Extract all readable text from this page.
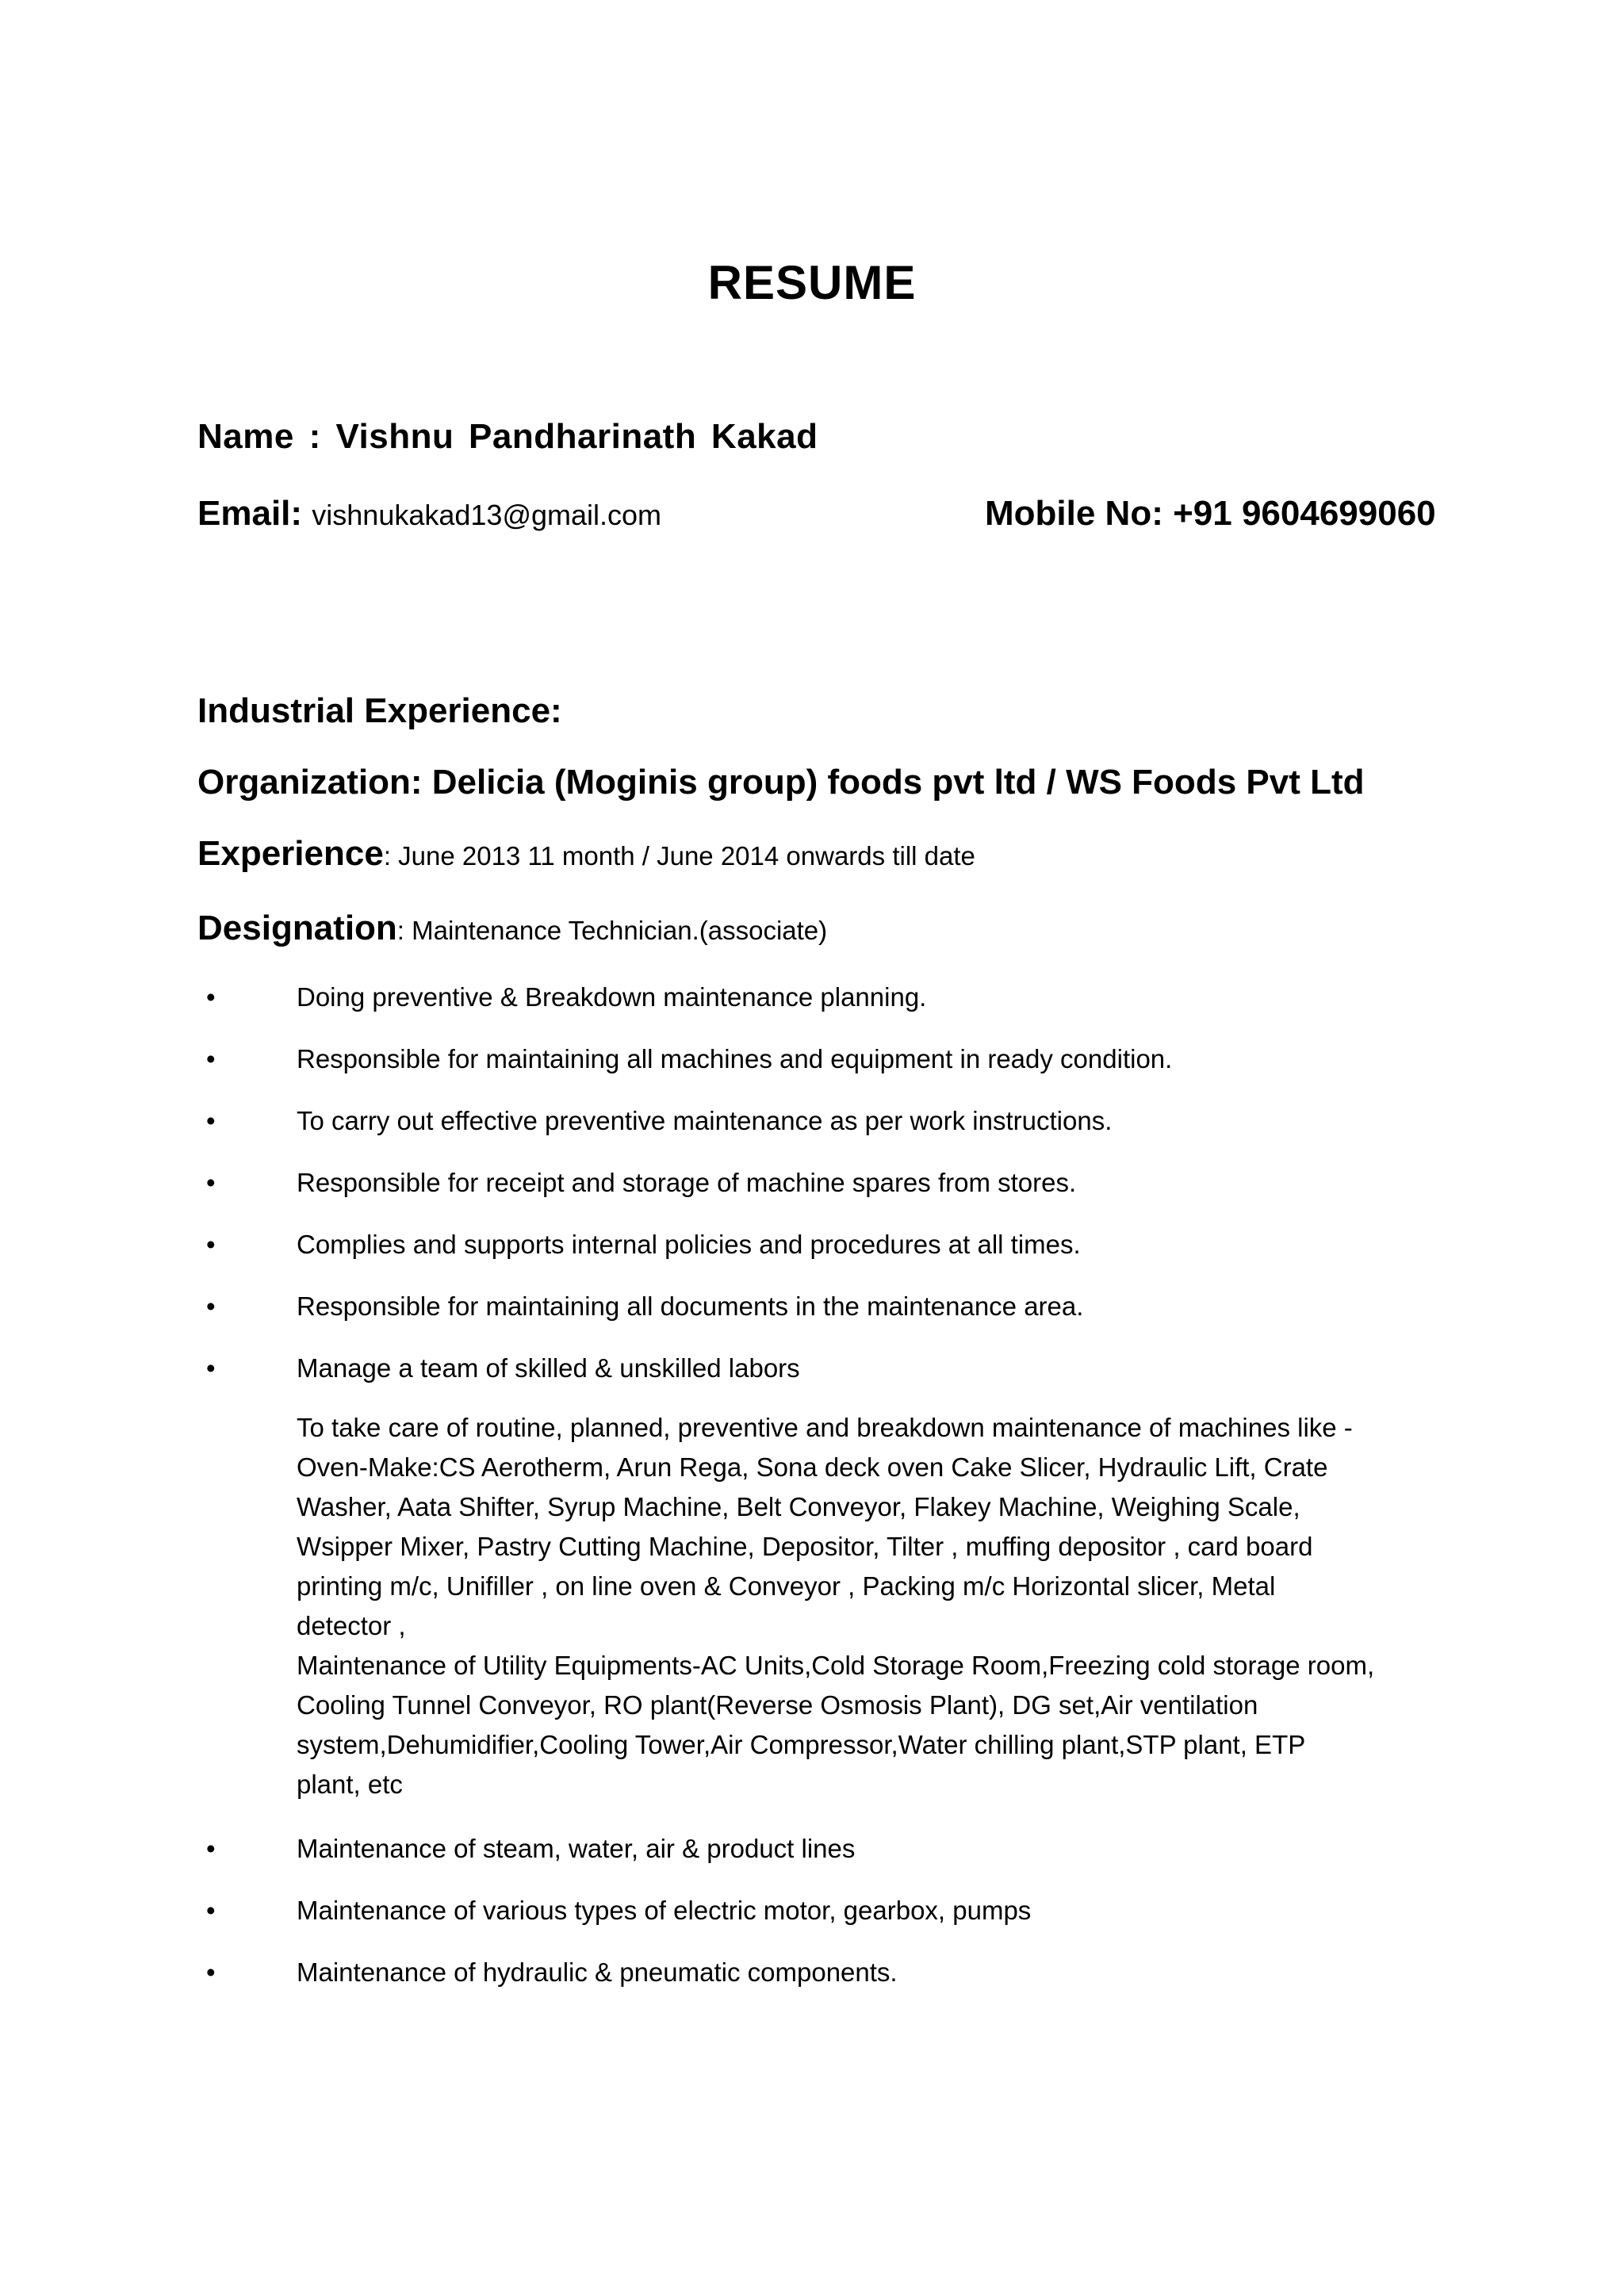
RESUME
Name : Vishnu Pandharinath Kakad
Email: vishnukakad13@gmail.com	Mobile No: +91 9604699060
Industrial Experience:
Organization: Delicia (Moginis group) foods pvt ltd / WS Foods Pvt Ltd
Experience: June 2013 11 month / June 2014 onwards till date
Designation: Maintenance Technician.(associate)
•	Doing preventive & Breakdown maintenance planning.
•	Responsible for maintaining all machines and equipment in ready condition.
•	To carry out effective preventive maintenance as per work instructions.
•	Responsible for receipt and storage of machine spares from stores.
•	Complies and supports internal policies and procedures at all times.
•	Responsible for maintaining all documents in the maintenance area.
•	Manage a team of skilled & unskilled labors
To take care of routine, planned, preventive and breakdown maintenance of machines like -
Oven-Make:CS Aerotherm, Arun Rega, Sona deck oven Cake Slicer, Hydraulic Lift, Crate
Washer, Aata Shifter, Syrup Machine, Belt Conveyor, Flakey Machine, Weighing Scale,
Wsipper Mixer, Pastry Cutting Machine, Depositor, Tilter , muffing depositor , card board
printing m/c, Unifiller , on line oven & Conveyor , Packing m/c Horizontal slicer, Metal
detector ,
Maintenance of Utility Equipments-AC Units,Cold Storage Room,Freezing cold storage room,
Cooling Tunnel Conveyor, RO plant(Reverse Osmosis Plant), DG set,Air ventilation
system,Dehumidifier,Cooling Tower,Air Compressor,Water chilling plant,STP plant, ETP
plant, etc
•	Maintenance of steam, water, air & product lines
•	Maintenance of various types of electric motor, gearbox, pumps
•	Maintenance of hydraulic & pneumatic components.
